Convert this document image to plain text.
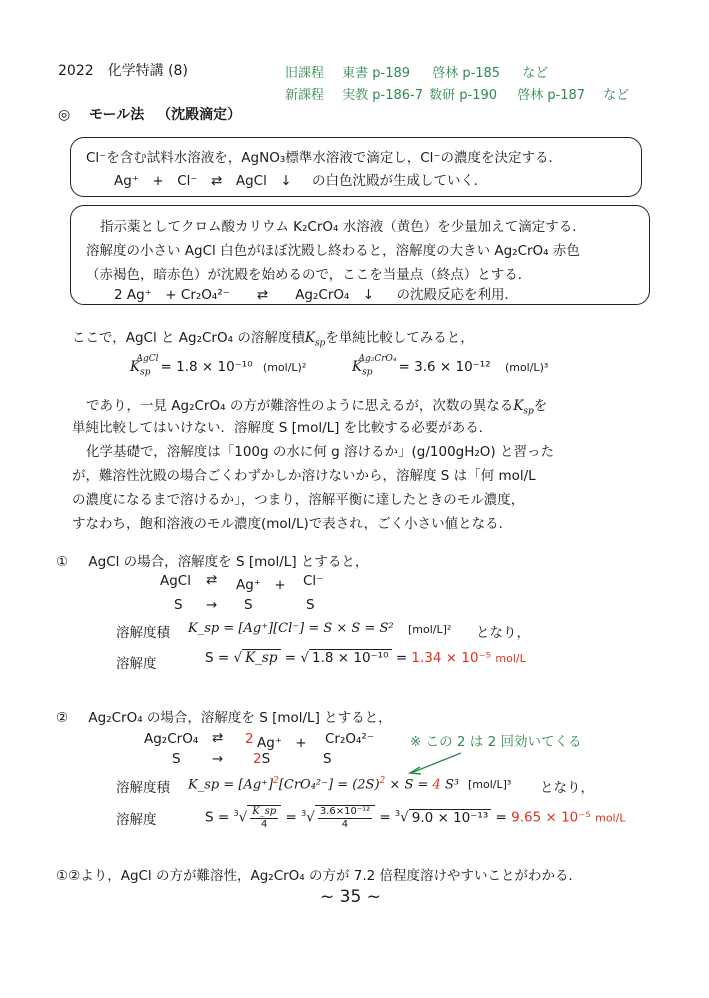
2022　化学特講 (8)	旧課程 東書 p-189 啓林 p-185 など
新課程 実教 p-186-7 数研 p-190 啓林 p-187 など
◎ モール法 （沈殿滴定）
Cl⁻を含む試料水溶液を，AgNO₃標準水溶液で滴定し，Cl⁻の濃度を決定する．
Ag⁺　+　Cl⁻　⇄　AgCl　↓ の白色沈殿が生成していく．
指示薬としてクロム酸カリウム K₂CrO₄ 水溶液（黄色）を少量加えて滴定する．
溶解度の小さい AgCl 白色がほぼ沈殿し終わると，溶解度の大きい Ag₂CrO₄ 赤色
（赤褐色，暗赤色）が沈殿を始めるので，ここを当量点（終点）とする．
2 Ag⁺　+ Cr₂O₄²⁻　　⇄　　Ag₂CrO₄　↓ の沈殿反応を利用．
ここで，AgCl と Ag₂CrO₄ の溶解度積$K_{sp}$を単純比較してみると，
$K_{sp}^{AgCl} = 1.8 \times 10^{-10}$ (mol/L)²	$K_{sp}^{Ag_2CrO_4} = 3.6 \times 10^{-12}$ (mol/L)³
であり，一見 Ag₂CrO₄ の方が難溶性のように思えるが，次数の異なる$K_{sp}$を
単純比較してはいけない．溶解度 S [mol/L] を比較する必要がある．
化学基礎で，溶解度は「100g の水に何 g 溶けるか」(g/100gH₂O) と習った
が，難溶性沈殿の場合ごくわずかしか溶けないから，溶解度 S は「何 mol/L
の濃度になるまで溶けるか」，つまり，溶解平衡に達したときのモル濃度，
すなわち，飽和溶液のモル濃度(mol/L)で表され，ごく小さい値となる．
① AgCl の場合，溶解度を S [mol/L] とすると，
AgCl ⇄ Ag⁺　+ Cl⁻
S → S	S
溶解度積 K_sp = [Ag⁺][Cl⁻] = S × S = S² [mol/L]² となり，
溶解度	S = √ K_sp = √ 1.8 × 10⁻¹⁰ = 1.34 × 10⁻⁵ mol/L
② Ag₂CrO₄ の場合，溶解度を S [mol/L] とすると，
Ag₂CrO₄ ⇄ 2 Ag⁺　+ Cr₂O₄²⁻	※ この 2 は 2 回効いてくる
S → 2S	S
溶解度積 K_sp = $[Ag^+]^2[CrO_4^{2-}] = (2S)^2 \times S = 4$ S³ [mol/L]³ となり，
溶解度	$S = ^3√ \frac{K\_sp}{4} = ^3√ \frac{\text{3.6×10⁻¹²}}{4} = ^3√$ 9.0 × 10⁻¹³ = 9.65 × 10⁻⁵ mol/L
①②より，AgCl の方が難溶性，Ag₂CrO₄ の方が 7.2 倍程度溶けやすいことがわかる．
~ 35 ~
